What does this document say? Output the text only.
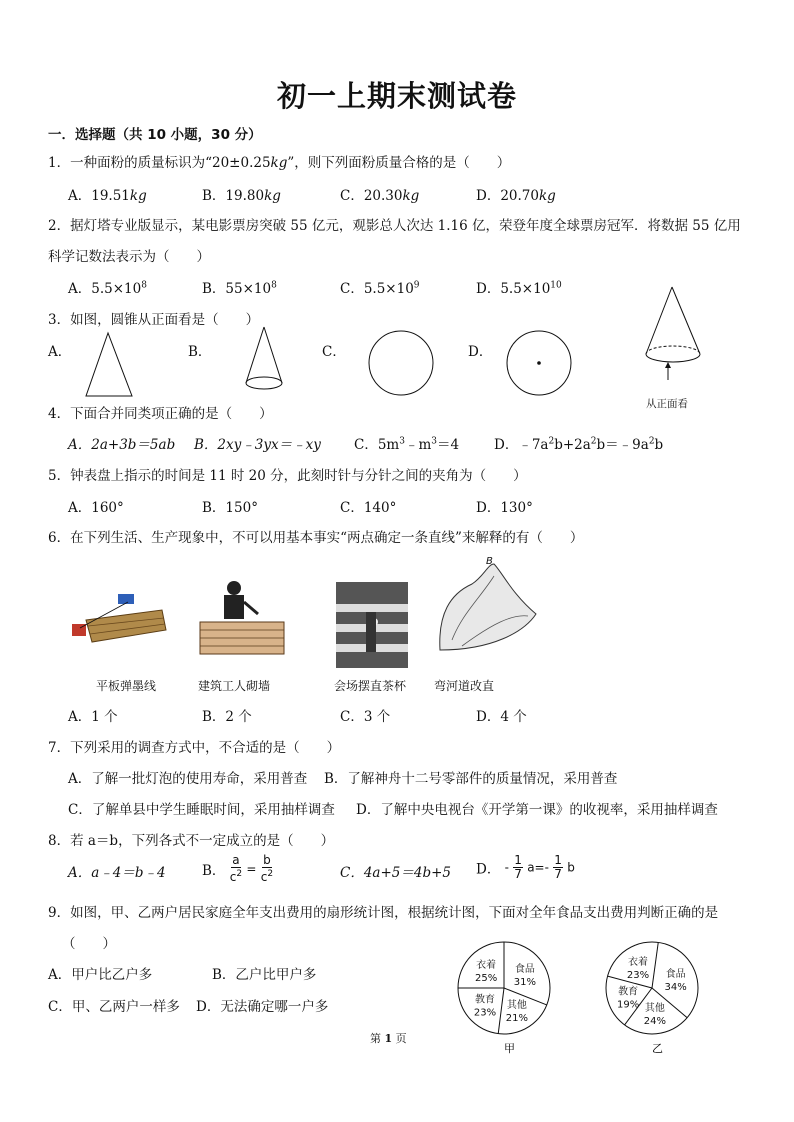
初一上期末测试卷
一．选择题（共 10 小题，30 分）
1．一种面粉的质量标识为“20±0.25kg”，则下列面粉质量合格的是（　　）
A．19.51kg	B．19.80kg	C．20.30kg	D．20.70kg
2．据灯塔专业版显示，某电影票房突破 55 亿元，观影总人次达 1.16 亿，荣登年度全球票房冠军．将数据 55 亿用
科学记数法表示为（　　）
A．$5.5\times 10^8$	B．$55\times 10^8$	C．$5.5\times 10^9$	D．$5.5\times 10^{10}$
3．如图，圆锥从正面看是（　　）
A．	B．	C．	D．
从正面看
4．下面合并同类项正确的是（　　）
A．2a+3b＝5ab B．2xy﹣3yx＝﹣xy C．$5m^3﹣m^3=4$	D．$﹣7a^2b+2a^2b=﹣9a^2b$
5．钟表盘上指示的时间是 11 时 20 分，此刻时针与分针之间的夹角为（　　）
A．160°	B．150°	C．140°	D．130°
6．在下列生活、生产现象中，不可以用基本事实“两点确定一条直线”来解释的有（　　）
B
平板弹墨线	建筑工人砌墙	会场摆直茶杯 弯河道改直
A．1 个	B．2 个	C．3 个	D．4 个
7．下列采用的调查方式中，不合适的是（　　）
A．了解一批灯泡的使用寿命，采用普查 B．了解神舟十二号零部件的质量情况，采用普查
C．了解单县中学生睡眠时间，采用抽样调查 D．了解中央电视台《开学第一课》的收视率，采用抽样调查
8．若 a＝b，下列各式不一定成立的是（　　）
A．a﹣4＝b﹣4	B． $\frac{a}{c^2} = \frac{b}{c^2}$	C．4a+5＝4b+5 D． - $\frac{1}{7} a=- \frac{1}{7}$ b
9．如图，甲、乙两户居民家庭全年支出费用的扇形统计图，根据统计图，下面对全年食品支出费用判断正确的是
（　　）
A．甲户比乙户多	B．乙户比甲户多
C．甲、乙两户一样多 D．无法确定哪一户多
衣着
25%
食品
31%
其他
21%
教育
23%
甲
衣着
23% 食品
34%
其他
24%
教育
19%
乙
第 1 页
